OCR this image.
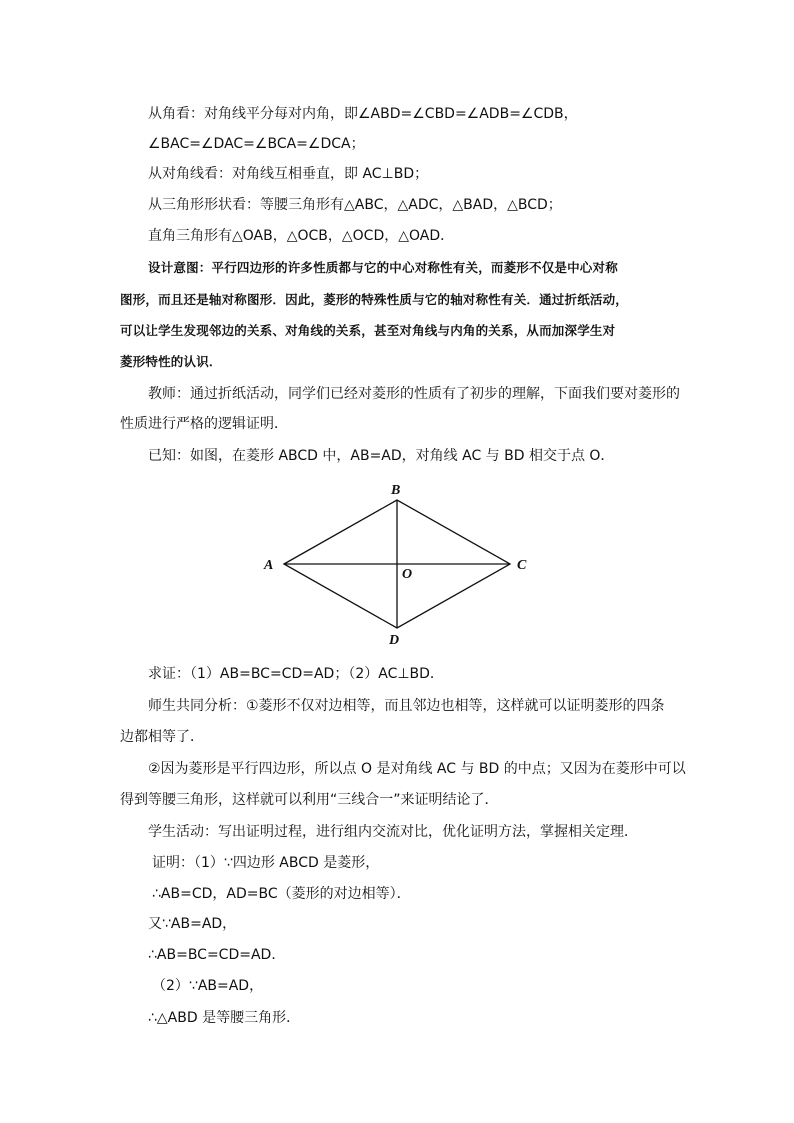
从角看：对角线平分每对内角，即∠ABD=∠CBD=∠ADB=∠CDB，
∠BAC=∠DAC=∠BCA=∠DCA；
从对角线看：对角线互相垂直，即 AC⊥BD；
从三角形形状看：等腰三角形有△ABC，△ADC，△BAD，△BCD；
直角三角形有△OAB，△OCB，△OCD，△OAD．
设计意图：平行四边形的许多性质都与它的中心对称性有关，而菱形不仅是中心对称
图形，而且还是轴对称图形．因此，菱形的特殊性质与它的轴对称性有关．通过折纸活动，
可以让学生发现邻边的关系、对角线的关系，甚至对角线与内角的关系，从而加深学生对
菱形特性的认识．
教师：通过折纸活动，同学们已经对菱形的性质有了初步的理解，下面我们要对菱形的
性质进行严格的逻辑证明．
已知：如图，在菱形 ABCD 中，AB=AD，对角线 AC 与 BD 相交于点 O．
B
A	C
D
O
求证：（1）AB=BC=CD=AD；（2）AC⊥BD．
师生共同分析：①菱形不仅对边相等，而且邻边也相等，这样就可以证明菱形的四条
边都相等了．
②因为菱形是平行四边形，所以点 O 是对角线 AC 与 BD 的中点；又因为在菱形中可以
得到等腰三角形，这样就可以利用“三线合一”来证明结论了．
学生活动：写出证明过程，进行组内交流对比，优化证明方法，掌握相关定理．
证明：（1）∵四边形 ABCD 是菱形，
∴AB=CD，AD=BC（菱形的对边相等）．
又∵AB=AD，
∴AB=BC=CD=AD．
（2）∵AB=AD，
∴△ABD 是等腰三角形．
